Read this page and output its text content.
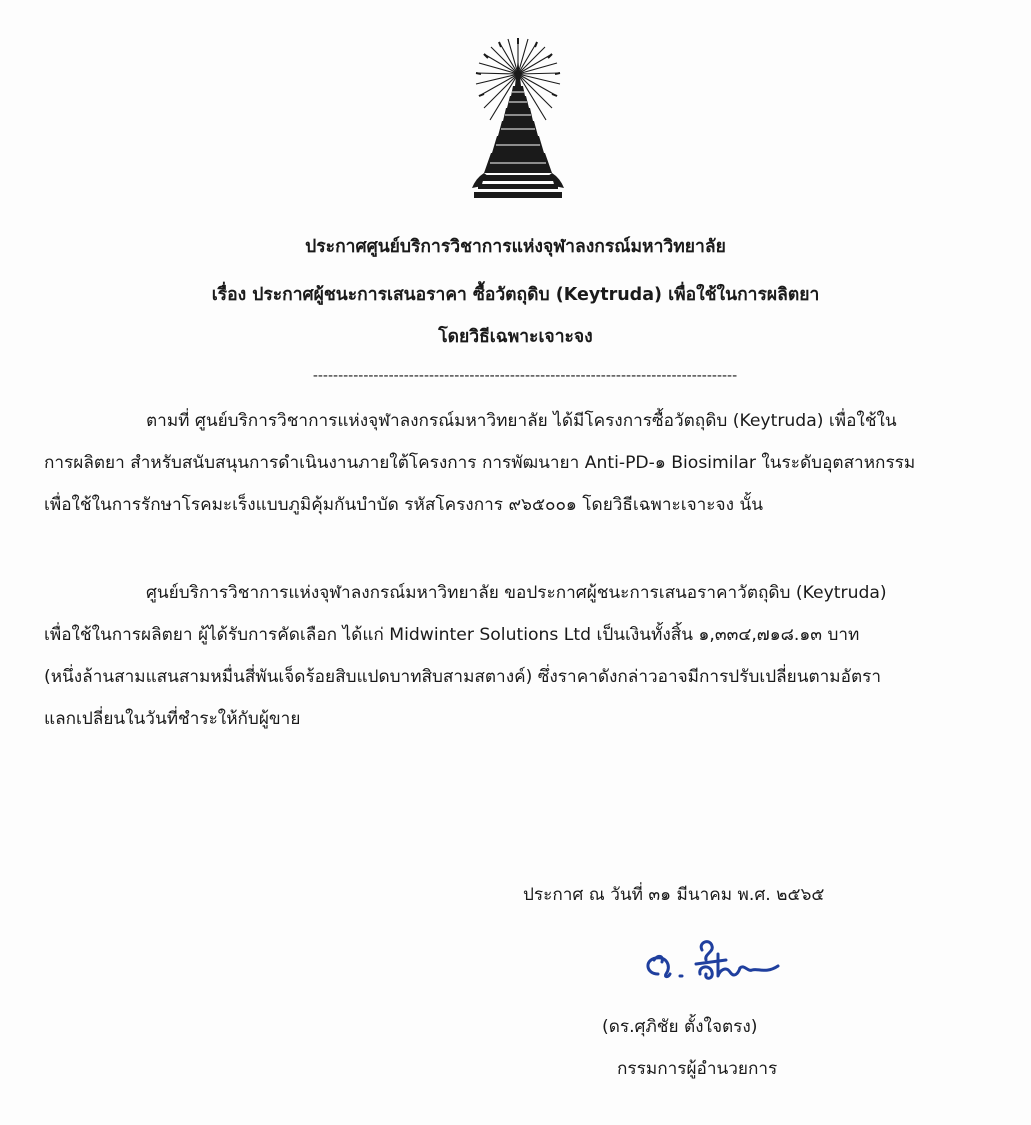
ประกาศศูนย์บริการวิชาการแห่งจุฬาลงกรณ์มหาวิทยาลัย
เรื่อง ประกาศผู้ชนะการเสนอราคา ซื้อวัตถุดิบ (Keytruda) เพื่อใช้ในการผลิตยา
โดยวิธีเฉพาะเจาะจง
------------------------------------------------------------------------------------
ตามที่ ศูนย์บริการวิชาการแห่งจุฬาลงกรณ์มหาวิทยาลัย ได้มีโครงการซื้อวัตถุดิบ (Keytruda) เพื่อใช้ใน
การผลิตยา สำหรับสนับสนุนการดำเนินงานภายใต้โครงการ การพัฒนายา Anti-PD-๑ Biosimilar ในระดับอุตสาหกรรม
เพื่อใช้ในการรักษาโรคมะเร็งแบบภูมิคุ้มกันบำบัด รหัสโครงการ ๙๖๕๐๐๑ โดยวิธีเฉพาะเจาะจง นั้น
ศูนย์บริการวิชาการแห่งจุฬาลงกรณ์มหาวิทยาลัย ขอประกาศผู้ชนะการเสนอราคาวัตถุดิบ (Keytruda)
เพื่อใช้ในการผลิตยา ผู้ได้รับการคัดเลือก ได้แก่ Midwinter Solutions Ltd เป็นเงินทั้งสิ้น ๑,๓๓๔,๗๑๘.๑๓ บาท
(หนึ่งล้านสามแสนสามหมื่นสี่พันเจ็ดร้อยสิบแปดบาทสิบสามสตางค์) ซึ่งราคาดังกล่าวอาจมีการปรับเปลี่ยนตามอัตรา
แลกเปลี่ยนในวันที่ชำระให้กับผู้ขาย
ประกาศ ณ วันที่ ๓๑ มีนาคม พ.ศ. ๒๕๖๕
(ดร.ศุภิชัย ตั้งใจตรง)
กรรมการผู้อำนวยการ
